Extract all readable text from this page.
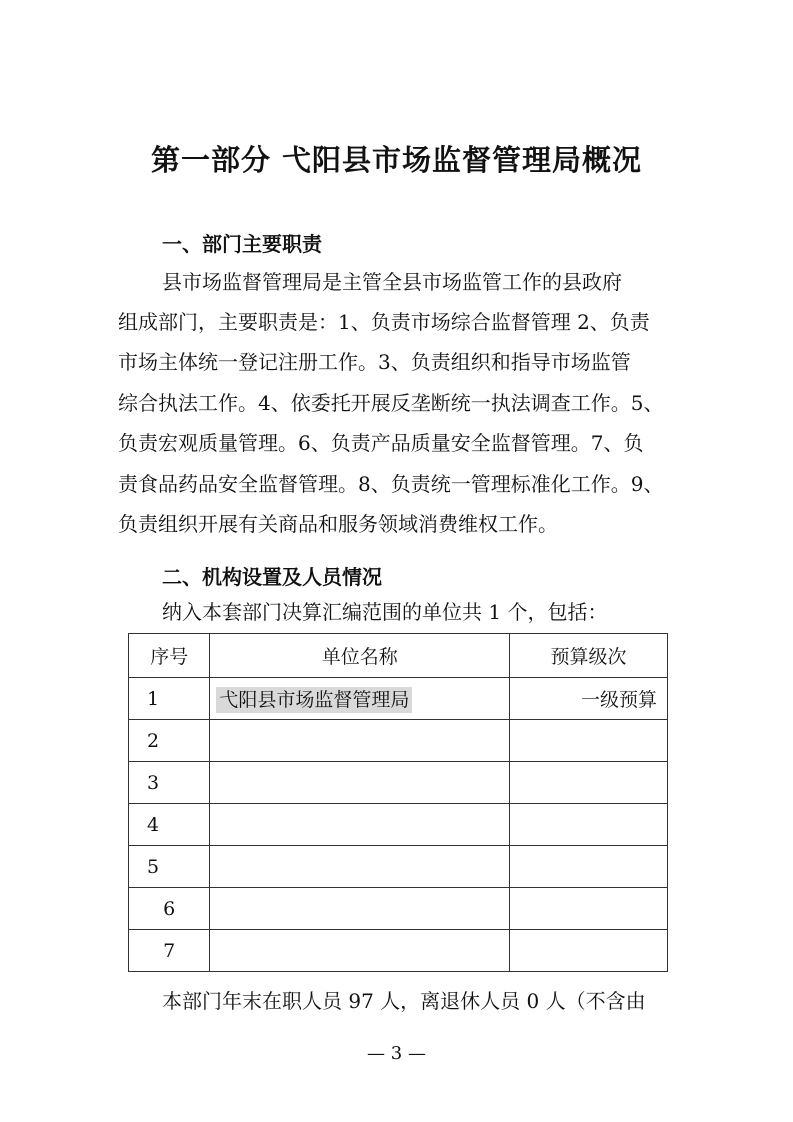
第一部分 弋阳县市场监督管理局概况
一、部门主要职责
县市场监督管理局是主管全县市场监管工作的县政府
组成部门，主要职责是：1、负责市场综合监督管理 2、负责
市场主体统一登记注册工作。3、负责组织和指导市场监管
综合执法工作。4、依委托开展反垄断统一执法调查工作。5、
负责宏观质量管理。6、负责产品质量安全监督管理。7、负
责食品药品安全监督管理。8、负责统一管理标准化工作。9、
负责组织开展有关商品和服务领域消费维权工作。
二、机构设置及人员情况
纳入本套部门决算汇编范围的单位共 1 个，包括：
序号	单位名称	预算级次
1	弋阳县市场监督管理局	一级预算
2		
3		
4		
5		
6		
7		
本部门年末在职人员 97 人，离退休人员 0 人（不含由
— 3 —
